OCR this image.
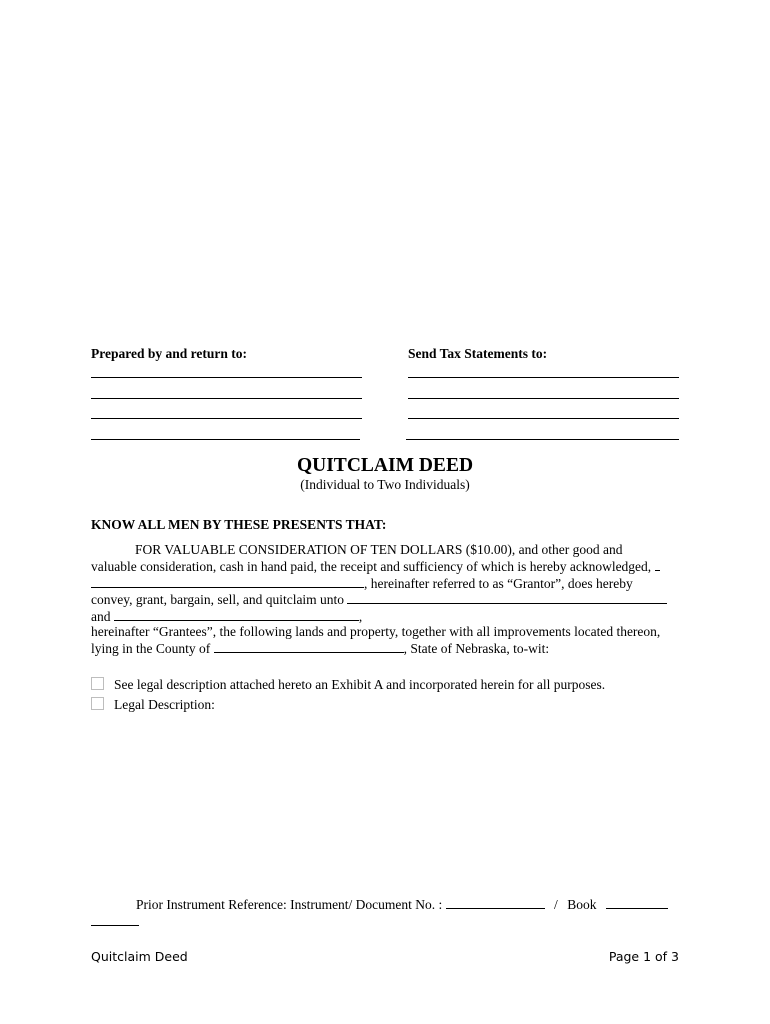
Prepared by and return to:	Send Tax Statements to:
QUITCLAIM DEED
(Individual to Two Individuals)
KNOW ALL MEN BY THESE PRESENTS THAT:
FOR VALUABLE CONSIDERATION OF TEN DOLLARS ($10.00), and other good and
valuable consideration, cash in hand paid, the receipt and sufficiency of which is hereby acknowledged,
, hereinafter referred to as “Grantor”, does hereby
convey, grant, bargain, sell, and quitclaim unto
and	,
hereinafter “Grantees”, the following lands and property, together with all improvements located thereon,
lying in the County of	, State of Nebraska, to-wit:
See legal description attached hereto an Exhibit A and incorporated herein for all purposes.
Legal Description:
Prior Instrument Reference: Instrument/ Document No. :	/ Book
Quitclaim Deed	Page 1 of 3
